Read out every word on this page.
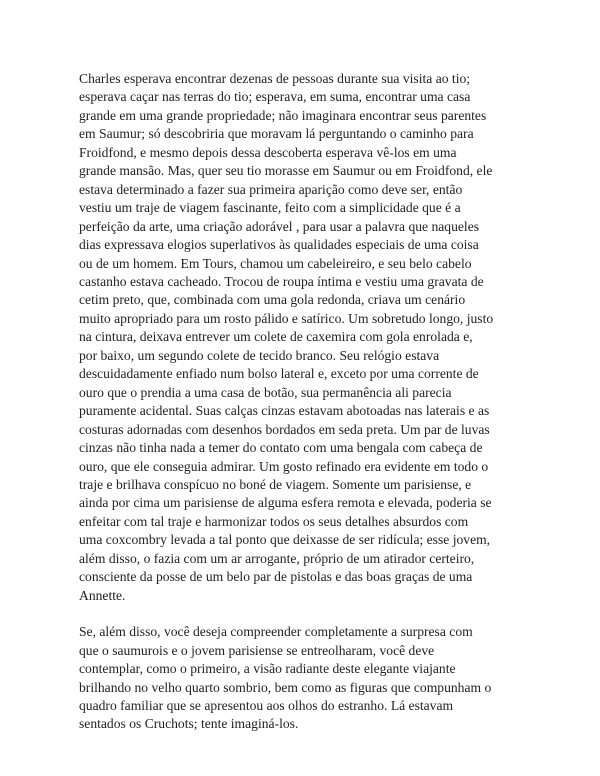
Charles esperava encontrar dezenas de pessoas durante sua visita ao tio;
esperava caçar nas terras do tio; esperava, em suma, encontrar uma casa
grande em uma grande propriedade; não imaginara encontrar seus parentes
em Saumur; só descobriria que moravam lá perguntando o caminho para
Froidfond, e mesmo depois dessa descoberta esperava vê-los em uma
grande mansão. Mas, quer seu tio morasse em Saumur ou em Froidfond, ele
estava determinado a fazer sua primeira aparição como deve ser, então
vestiu um traje de viagem fascinante, feito com a simplicidade que é a
perfeição da arte, uma criação adorável , para usar a palavra que naqueles
dias expressava elogios superlativos às qualidades especiais de uma coisa
ou de um homem. Em Tours, chamou um cabeleireiro, e seu belo cabelo
castanho estava cacheado. Trocou de roupa íntima e vestiu uma gravata de
cetim preto, que, combinada com uma gola redonda, criava um cenário
muito apropriado para um rosto pálido e satírico. Um sobretudo longo, justo
na cintura, deixava entrever um colete de caxemira com gola enrolada e,
por baixo, um segundo colete de tecido branco. Seu relógio estava
descuidadamente enfiado num bolso lateral e, exceto por uma corrente de
ouro que o prendia a uma casa de botão, sua permanência ali parecia
puramente acidental. Suas calças cinzas estavam abotoadas nas laterais e as
costuras adornadas com desenhos bordados em seda preta. Um par de luvas
cinzas não tinha nada a temer do contato com uma bengala com cabeça de
ouro, que ele conseguia admirar. Um gosto refinado era evidente em todo o
traje e brilhava conspícuo no boné de viagem. Somente um parisiense, e
ainda por cima um parisiense de alguma esfera remota e elevada, poderia se
enfeitar com tal traje e harmonizar todos os seus detalhes absurdos com
uma coxcombry levada a tal ponto que deixasse de ser ridícula; esse jovem,
além disso, o fazia com um ar arrogante, próprio de um atirador certeiro,
consciente da posse de um belo par de pistolas e das boas graças de uma
Annette.

Se, além disso, você deseja compreender completamente a surpresa com
que o saumurois e o jovem parisiense se entreolharam, você deve
contemplar, como o primeiro, a visão radiante deste elegante viajante
brilhando no velho quarto sombrio, bem como as figuras que compunham o
quadro familiar que se apresentou aos olhos do estranho. Lá estavam
sentados os Cruchots; tente imaginá-los.
